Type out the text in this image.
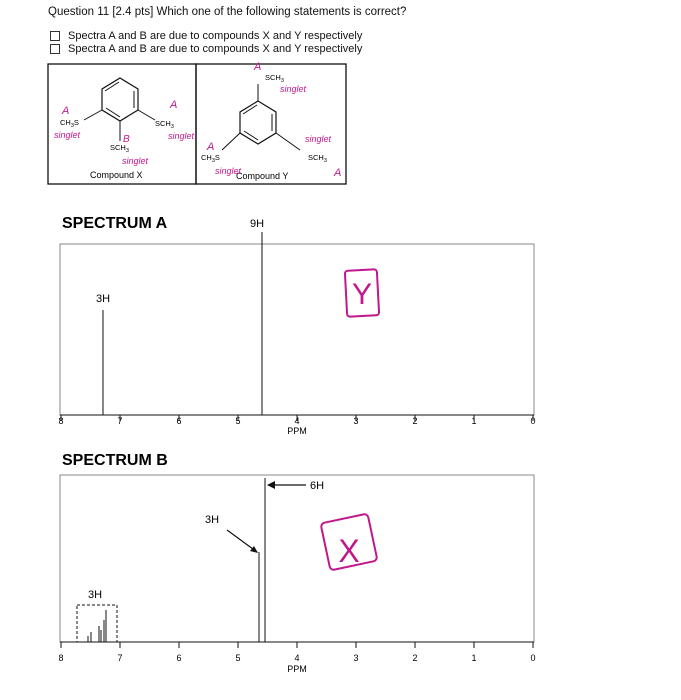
Question 11 [2.4 pts] Which one of the following statements is correct?
Spectra A and B are due to compounds X and Y respectively
Spectra A and B are due to compounds X and Y respectively
$CH_3S$	$SCH_3$
$SCH_3$
Compound X
$SCH_3$
$CH_3S$	$SCH_3$
Compound Y
A
singlet
A
singlet
B
singlet
A
singlet
A
singlet
singlet
A
SPECTRUM A
3H
9H
8	7	6	5	4	3	2	1	0
PPM
Y
SPECTRUM B
3H
6H
3H
8	7	6	5	4	3	2	1	0
PPM
X
